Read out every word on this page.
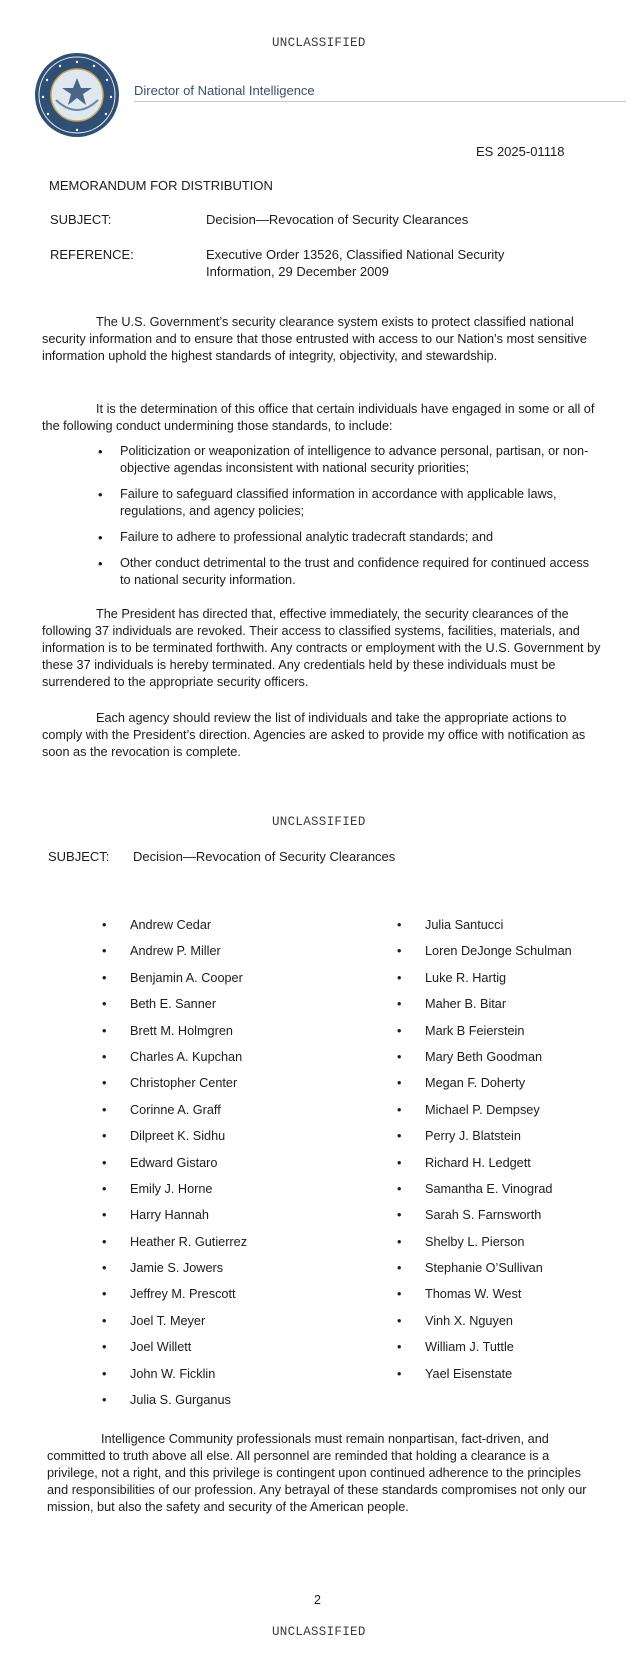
UNCLASSIFIED
Director of National Intelligence
ES 2025-01118
MEMORANDUM FOR DISTRIBUTION
SUBJECT:	Decision—Revocation of Security Clearances
REFERENCE:	Executive Order 13526, Classified National Security
Information, 29 December 2009

The U.S. Government’s security clearance system exists to protect classified national security information and to ensure that those entrusted with access to our Nation’s most sensitive information uphold the highest standards of integrity, objectivity, and stewardship.

It is the determination of this office that certain individuals have engaged in some or all of the following conduct undermining those standards, to include:

• Politicization or weaponization of intelligence to advance personal, partisan, or non-objective agendas inconsistent with national security priorities;
• Failure to safeguard classified information in accordance with applicable laws, regulations, and agency policies;
• Failure to adhere to professional analytic tradecraft standards; and
• Other conduct detrimental to the trust and confidence required for continued access to national security information.

The President has directed that, effective immediately, the security clearances of the following 37 individuals are revoked. Their access to classified systems, facilities, materials, and information is to be terminated forthwith. Any contracts or employment with the U.S. Government by these 37 individuals is hereby terminated. Any credentials held by these individuals must be surrendered to the appropriate security officers.

Each agency should review the list of individuals and take the appropriate actions to comply with the President’s direction. Agencies are asked to provide my office with notification as soon as the revocation is complete.

UNCLASSIFIED
SUBJECT: Decision—Revocation of Security Clearances
• Andrew Cedar
• Andrew P. Miller
• Benjamin A. Cooper
• Beth E. Sanner
• Brett M. Holmgren
• Charles A. Kupchan
• Christopher Center
• Corinne A. Graff
• Dilpreet K. Sidhu
• Edward Gistaro
• Emily J. Horne
• Harry Hannah
• Heather R. Gutierrez
• Jamie S. Jowers
• Jeffrey M. Prescott
• Joel T. Meyer
• Joel Willett
• John W. Ficklin
• Julia S. Gurganus
• Julia Santucci
• Loren DeJonge Schulman
• Luke R. Hartig
• Maher B. Bitar
• Mark B Feierstein
• Mary Beth Goodman
• Megan F. Doherty
• Michael P. Dempsey
• Perry J. Blatstein
• Richard H. Ledgett
• Samantha E. Vinograd
• Sarah S. Farnsworth
• Shelby L. Pierson
• Stephanie O’Sullivan
• Thomas W. West
• Vinh X. Nguyen
• William J. Tuttle
• Yael Eisenstate

Intelligence Community professionals must remain nonpartisan, fact-driven, and committed to truth above all else. All personnel are reminded that holding a clearance is a privilege, not a right, and this privilege is contingent upon continued adherence to the principles and responsibilities of our profession. Any betrayal of these standards compromises not only our mission, but also the safety and security of the American people.

2
UNCLASSIFIED
